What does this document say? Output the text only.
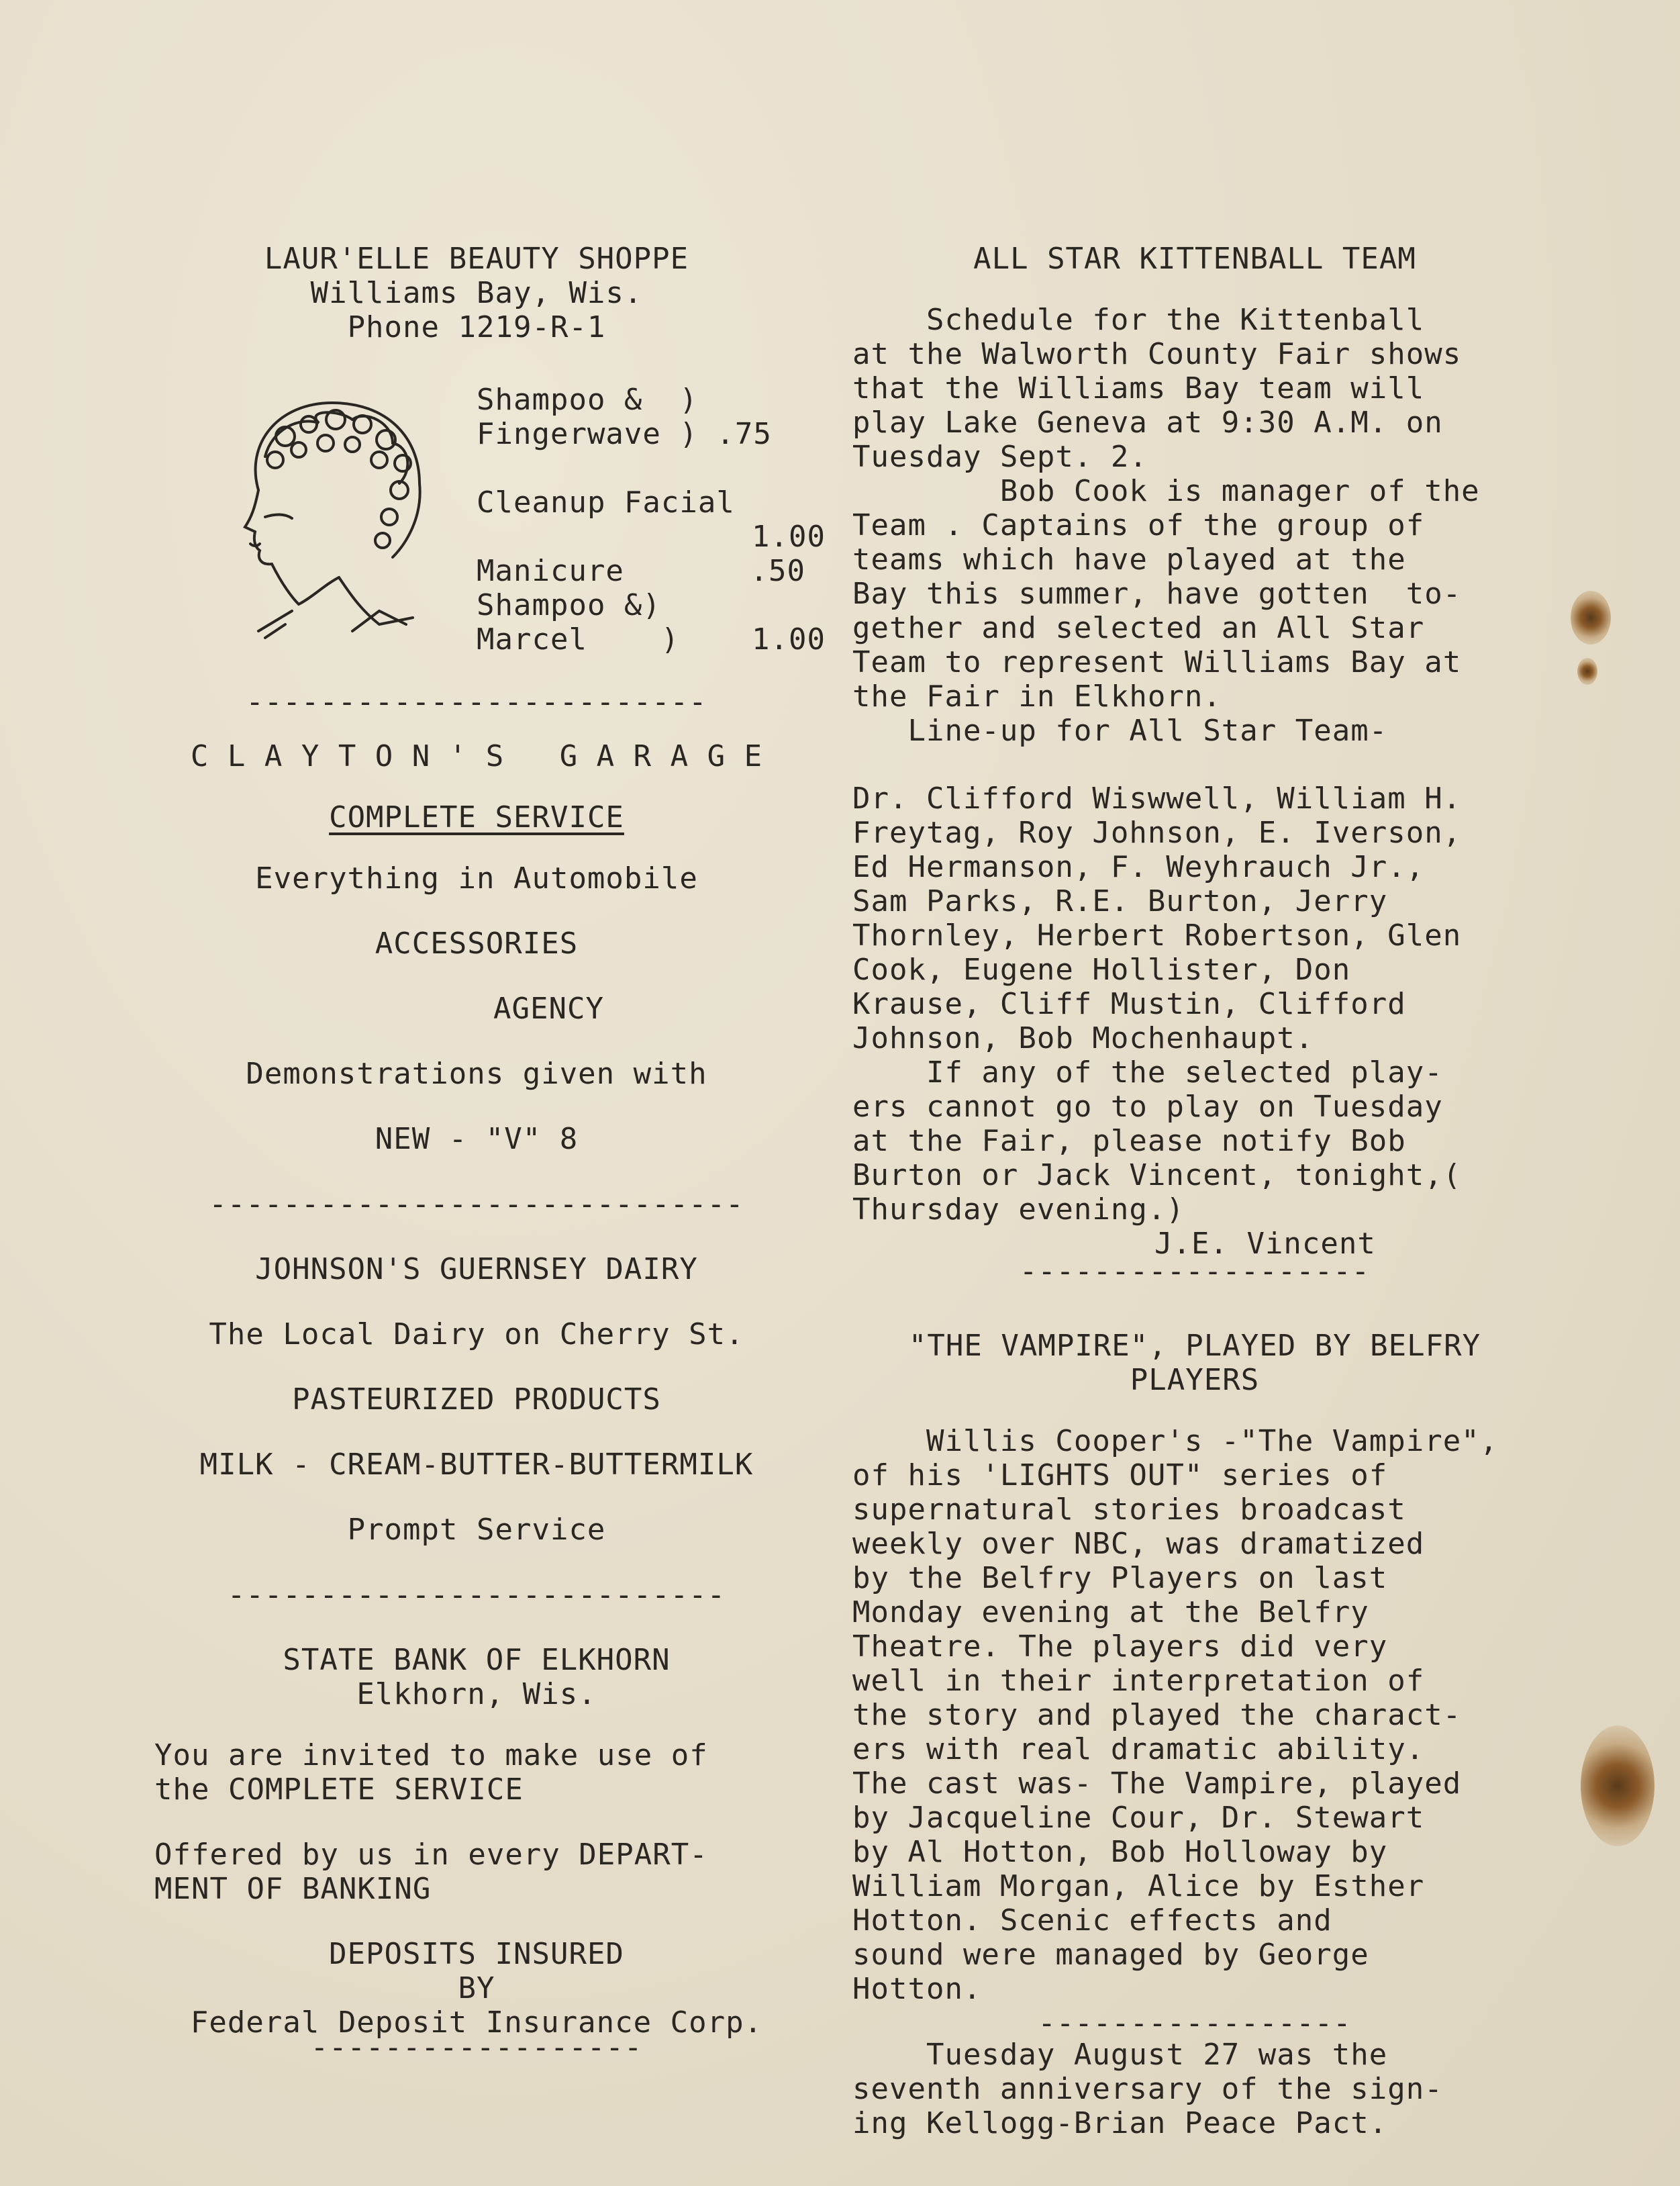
LAUR'ELLE BEAUTY SHOPPE
Williams Bay, Wis.
Phone 1219-R-1
Shampoo &  )
Fingerwave ) .75
Cleanup Facial
1.00
Manicure	.50
Shampoo &)
Marcel    ) 1.00
-------------------------
C L A Y T O N ' S   G A R A G E
COMPLETE SERVICE
Everything in Automobile
ACCESSORIES
AGENCY
Demonstrations given with
NEW - "V" 8
-----------------------------
JOHNSON'S GUERNSEY DAIRY
The Local Dairy on Cherry St.
PASTEURIZED PRODUCTS
MILK - CREAM-BUTTER-BUTTERMILK
Prompt Service
---------------------------
STATE BANK OF ELKHORN
Elkhorn, Wis.
You are invited to make use of
the COMPLETE SERVICE
Offered by us in every DEPART-
MENT OF BANKING
DEPOSITS INSURED
BY
Federal Deposit Insurance Corp.
------------------
ALL STAR KITTENBALL TEAM
Schedule for the Kittenball
at the Walworth County Fair shows
that the Williams Bay team will
play Lake Geneva at 9:30 A.M. on
Tuesday Sept. 2.
Bob Cook is manager of the
Team . Captains of the group of
teams which have played at the
Bay this summer, have gotten  to-
gether and selected an All Star
Team to represent Williams Bay at
the Fair in Elkhorn.
Line-up for All Star Team-
Dr. Clifford Wiswwell, William H.
Freytag, Roy Johnson, E. Iverson,
Ed Hermanson, F. Weyhrauch Jr.,
Sam Parks, R.E. Burton, Jerry
Thornley, Herbert Robertson, Glen
Cook, Eugene Hollister, Don
Krause, Cliff Mustin, Clifford
Johnson, Bob Mochenhaupt.
If any of the selected play-
ers cannot go to play on Tuesday
at the Fair, please notify Bob
Burton or Jack Vincent, tonight,(
Thursday evening.)
J.E. Vincent
-------------------
"THE VAMPIRE", PLAYED BY BELFRY
PLAYERS
Willis Cooper's -"The Vampire",
of his 'LIGHTS OUT" series of
supernatural stories broadcast
weekly over NBC, was dramatized
by the Belfry Players on last
Monday evening at the Belfry
Theatre. The players did very
well in their interpretation of
the story and played the charact-
ers with real dramatic ability.
The cast was- The Vampire, played
by Jacqueline Cour, Dr. Stewart
by Al Hotton, Bob Holloway by
William Morgan, Alice by Esther
Hotton. Scenic effects and
sound were managed by George
Hotton.
-----------------
Tuesday August 27 was the
seventh anniversary of the sign-
ing Kellogg-Brian Peace Pact.
